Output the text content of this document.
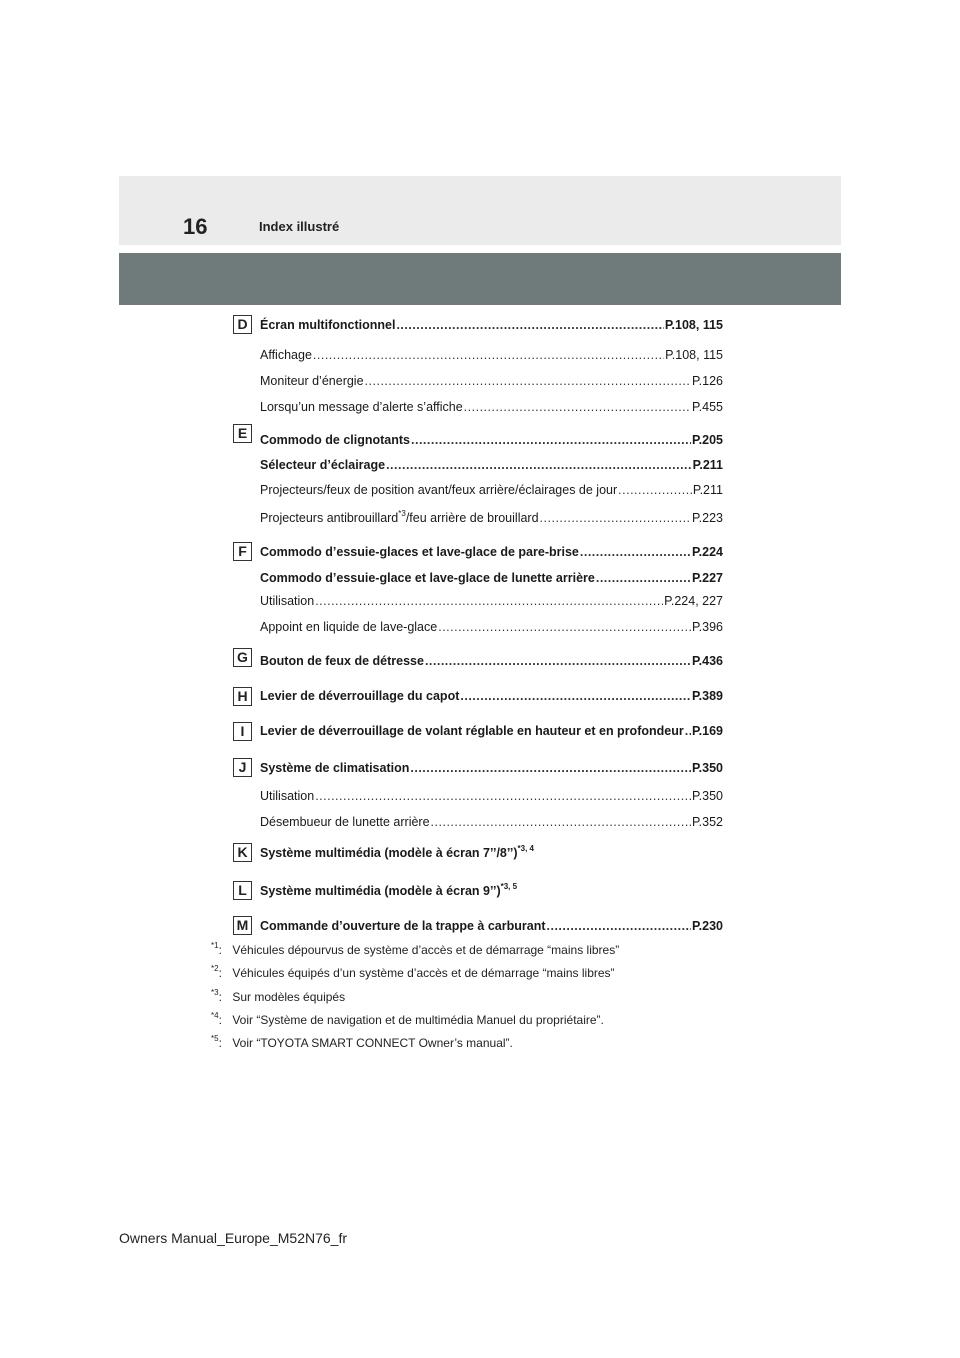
16	Index illustré
D Écran multifonctionnel .....	P.108, 115
Affichage .....	P.108, 115
Moniteur d’énergie .....	P.126
Lorsqu’un message d’alerte s’affiche .....	P.455
E	Commodo de clignotants .....	P.205
Sélecteur d’éclairage .....	P.211
Projecteurs/feux de position avant/feux arrière/éclairages de jour .....	P.211
Projecteurs antibrouillard$^{*3}$/feu arrière de brouillard .....	P.223
F	Commodo d’essuie-glaces et lave-glace de pare-brise .....	P.224
Commodo d’essuie-glace et lave-glace de lunette arrière .....	P.227
Utilisation .....	P.224, 227
Appoint en liquide de lave-glace .....	P.396
G Bouton de feux de détresse .....	P.436
H Levier de déverrouillage du capot .....	P.389
I	Levier de déverrouillage de volant réglable en hauteur et en profondeur ..... P.169
J	Système de climatisation .....	P.350
Utilisation .....	P.350
Désembueur de lunette arrière .....	P.352
K Système multimédia (modèle à écran 7’’/8’’)$^{*3, 4}$
L	Système multimédia (modèle à écran 9’’)$^{*3, 5}$
M Commande d’ouverture de la trappe à carburant .....	P.230
$^{*1}$: Véhicules dépourvus de système d’accès et de démarrage “mains libres”
$^{*2}$: Véhicules équipés d’un système d’accès et de démarrage “mains libres”
$^{*3}$: Sur modèles équipés
$^{*4}$: Voir “Système de navigation et de multimédia Manuel du propriétaire”.
$^{*5}$: Voir “TOYOTA SMART CONNECT Owner’s manual”.
Owners Manual_Europe_M52N76_fr
